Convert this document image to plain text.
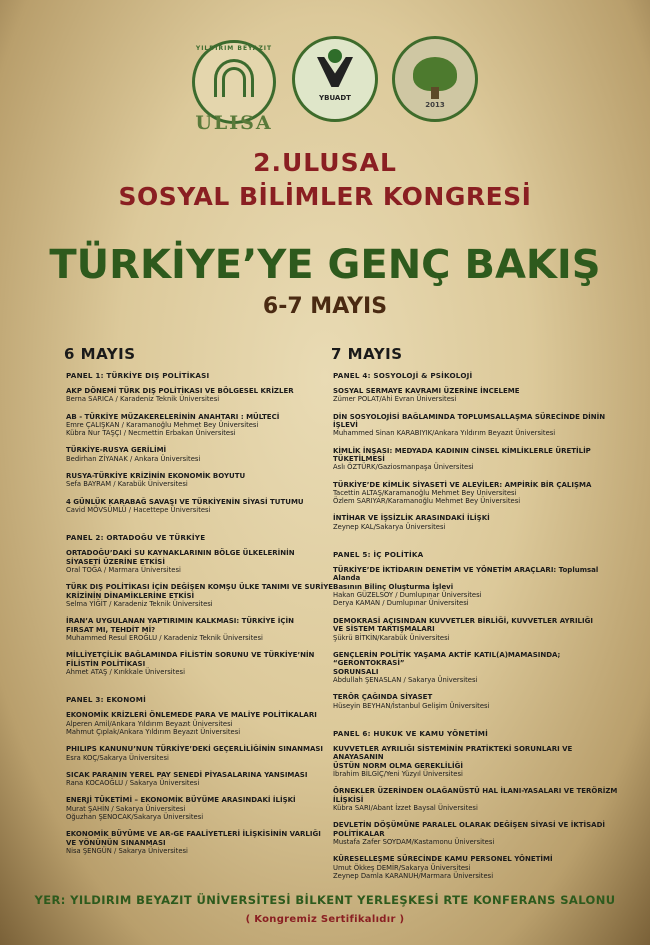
YILDIRIM BEYAZIT
ULISA
YBUADT
2013
2.ULUSAL
SOSYAL BİLİMLER KONGRESİ
TÜRKİYE’YE GENÇ BAKIŞ
6-7 MAYIS
6 MAYIS
PANEL 1: TÜRKİYE DIŞ POLİTİKASI
AKP DÖNEMİ TÜRK DIŞ POLİTİKASI VE BÖLGESEL KRİZLER
Berna SARICA / Karadeniz Teknik Üniversitesi
AB - TÜRKİYE MÜZAKERELERİNİN ANAHTARI : MÜLTECİ
Emre ÇALIŞKAN / Karamanoğlu Mehmet Bey Üniversitesi
Kübra Nur TAŞÇI / Necmettin Erbakan Üniversitesi
TÜRKİYE-RUSYA GERİLİMİ
Bedirhan ZİYANAK / Ankara Üniversitesi
RUSYA-TÜRKİYE KRİZİNİN EKONOMİK BOYUTU
Sefa BAYRAM / Karabük Üniversitesi
4 GÜNLÜK KARABAĞ SAVAŞI VE TÜRKİYENİN SİYASİ TUTUMU
Cavid MÖVSÜMLÜ / Hacettepe Üniversitesi
PANEL 2: ORTADOĞU VE TÜRKİYE
ORTADOĞU’DAKİ SU KAYNAKLARININ BÖLGE ÜLKELERİNİN
SİYASETİ ÜZERİNE ETKİSİ
Oral TOĞA / Marmara Üniversitesi
TÜRK DIŞ POLİTİKASI İÇİN DEĞİŞEN KOMŞU ÜLKE TANIMI VE SURİYE
KRİZİNİN DİNAMİKLERİNE ETKİSİ
Selma YİĞİT / Karadeniz Teknik Üniversitesi
İRAN’A UYGULANAN YAPTIRIMIN KALKMASI: TÜRKİYE İÇİN
FIRSAT MI, TEHDİT Mİ?
Muhammed Resul EROĞLU / Karadeniz Teknik Üniversitesi
MİLLİYETÇİLİK BAĞLAMINDA FİLİSTİN SORUNU VE TÜRKİYE’NİN
FİLİSTİN POLİTİKASI
Ahmet ATAŞ / Kırıkkale Üniversitesi
PANEL 3: EKONOMİ
EKONOMİK KRİZLERİ ÖNLEMEDE PARA VE MALİYE POLİTİKALARI
Alperen Amil/Ankara Yıldırım Beyazıt Üniversitesi
Mahmut Çıplak/Ankara Yıldırım Beyazıt Üniversitesi
PHILIPS KANUNU’NUN TÜRKİYE’DEKİ GEÇERLİLİĞİNİN SINANMASI
Esra KOÇ/Sakarya Üniversitesi
SICAK PARANIN YEREL PAY SENEDİ PİYASALARINA YANSIMASI
Rana KOCAOĞLU / Sakarya Üniversitesi
ENERJİ TÜKETİMİ – EKONOMİK BÜYÜME ARASINDAKİ İLİŞKİ
Murat ŞAHİN / Sakarya Üniversitesi
Oğuzhan ŞENOCAK/Sakarya Üniversitesi
EKONOMİK BÜYÜME VE AR-GE FAALİYETLERİ İLİŞKİSİNİN VARLIĞI
VE YÖNÜNÜN SINANMASI
Nisa ŞENGÜN / Sakarya Üniversitesi
7 MAYIS
PANEL 4: SOSYOLOJİ & PSİKOLOJİ
SOSYAL SERMAYE KAVRAMI ÜZERİNE İNCELEME
Zümer POLAT/Ahi Evran Üniversitesi
DİN SOSYOLOJİSİ BAĞLAMINDA TOPLUMSALLAŞMA SÜRECİNDE DİNİN İŞLEVİ
Muhammed Sinan KARABIYIK/Ankara Yıldırım Beyazıt Üniversitesi
KİMLİK İNŞASI: MEDYADA KADININ CİNSEL KİMLİKLERLE ÜRETİLİP TÜKETİLMESİ
Aslı ÖZTÜRK/Gaziosmanpaşa Üniversitesi
TÜRKİYE’DE KİMLİK SİYASETİ VE ALEVİLER: AMPİRİK BİR ÇALIŞMA
Tacettin ALTAŞ/Karamanoğlu Mehmet Bey Üniversitesi
Özlem SARIYAR/Karamanoğlu Mehmet Bey Üniversitesi
İNTİHAR VE İŞSİZLİK ARASINDAKİ İLİŞKİ
Zeynep KAL/Sakarya Üniversitesi
PANEL 5: İÇ POLİTİKA
TÜRKİYE’DE İKTİDARIN DENETİM VE YÖNETİM ARAÇLARI: Toplumsal Alanda
Basının Bilinç Oluşturma İşlevi
Hakan GÜZELSOY / Dumlupınar Üniversitesi
Derya KAMAN / Dumlupınar Üniversitesi
DEMOKRASİ AÇISINDAN KUVVETLER BİRLİĞİ, KUVVETLER AYRILIĞI
VE SİSTEM TARTIŞMALARI
Şükrü BİTKİN/Karabük Üniversitesi
GENÇLERİN POLİTİK YAŞAMA AKTİF KATIL(A)MAMASINDA; “GERONTOKRASİ”
SORUNSALI
Abdullah ŞENASLAN / Sakarya Üniversitesi
TERÖR ÇAĞINDA SİYASET
Hüseyin BEYHAN/İstanbul Gelişim Üniversitesi
PANEL 6: HUKUK VE KAMU YÖNETİMİ
KUVVETLER AYRILIĞI SİSTEMİNİN PRATİKTEKİ SORUNLARI VE ANAYASANIN
ÜSTÜN NORM OLMA GEREKLİLİĞİ
İbrahim BİLGİÇ/Yeni Yüzyıl Üniversitesi
ÖRNEKLER ÜZERİNDEN OLAĞANÜSTÜ HAL İLANI-YASALARI VE TERÖRİZM
İLİŞKİSİ
Kübra SARI/Abant İzzet Baysal Üniversitesi
DEVLETİN DÖŞÜMÜNE PARALEL OLARAK DEĞİŞEN SİYASİ VE İKTİSADİ
POLİTİKALAR
Mustafa Zafer SOYDAM/Kastamonu Üniversitesi
KÜRESELLEŞME SÜRECİNDE KAMU PERSONEL YÖNETİMİ
Umut Ökkeş DEMİR/Sakarya Üniversitesi
Zeynep Damla KARANUH/Marmara Üniversitesi
YER: YILDIRIM BEYAZIT ÜNİVERSİTESİ BİLKENT YERLEŞKESİ RTE KONFERANS SALONU
( Kongremiz Sertifikalıdır )
